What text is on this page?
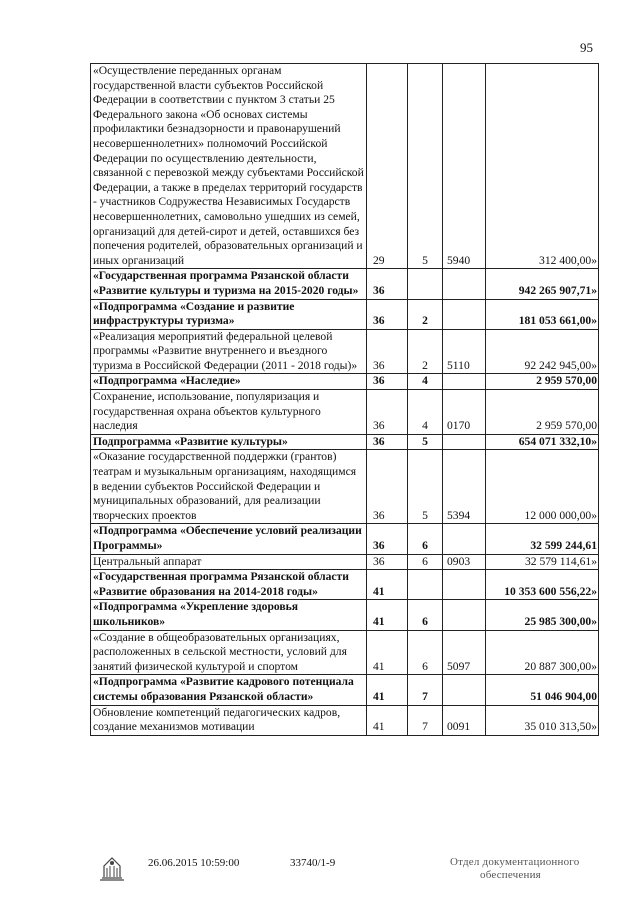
95
«Осуществление переданных органам государственной власти субъектов Российской Федерации в соответствии с пунктом 3 статьи 25 Федерального закона «Об основах системы профилактики безнадзорности и правонарушений несовершеннолетних» полномочий Российской Федерации по осуществлению деятельности, связанной с перевозкой между субъектами Российской Федерации, а также в пределах территорий государств - участников Содружества Независимых Государств несовершеннолетних, самовольно ушедших из семей, организаций для детей-сирот и детей, оставшихся без попечения родителей, образовательных организаций и иных организаций	29	5	5940	312 400,00»
«Государственная программа Рязанской области «Развитие культуры и туризма на 2015-2020 годы»	36			942 265 907,71»
«Подпрограмма «Создание и развитие инфраструктуры туризма»	36	2		181 053 661,00»
«Реализация мероприятий федеральной целевой программы «Развитие внутреннего и въездного туризма в Российской Федерации (2011 - 2018 годы)»	36	2	5110	92 242 945,00»
«Подпрограмма «Наследие»	36	4		2 959 570,00
Сохранение, использование, популяризация и государственная охрана объектов культурного наследия	36	4	0170	2 959 570,00
Подпрограмма «Развитие культуры»	36	5		654 071 332,10»
«Оказание государственной поддержки (грантов) театрам и музыкальным организациям, находящимся в ведении субъектов Российской Федерации и муниципальных образований, для реализации творческих проектов	36	5	5394	12 000 000,00»
«Подпрограмма «Обеспечение условий реализации Программы»	36	6		32 599 244,61
Центральный аппарат	36	6	0903	32 579 114,61»
«Государственная программа Рязанской области «Развитие образования на 2014-2018 годы»	41			10 353 600 556,22»
«Подпрограмма «Укрепление здоровья школьников»	41	6		25 985 300,00»
«Создание в общеобразовательных организациях, расположенных в сельской местности, условий для занятий физической культурой и спортом	41	6	5097	20 887 300,00»
«Подпрограмма «Развитие кадрового потенциала системы образования Рязанской области»	41	7		51 046 904,00
Обновление компетенций педагогических кадров, создание механизмов мотивации	41	7	0091	35 010 313,50»
26.06.2015 10:59:00	33740/1-9	Отдел документационного
обеспечения
